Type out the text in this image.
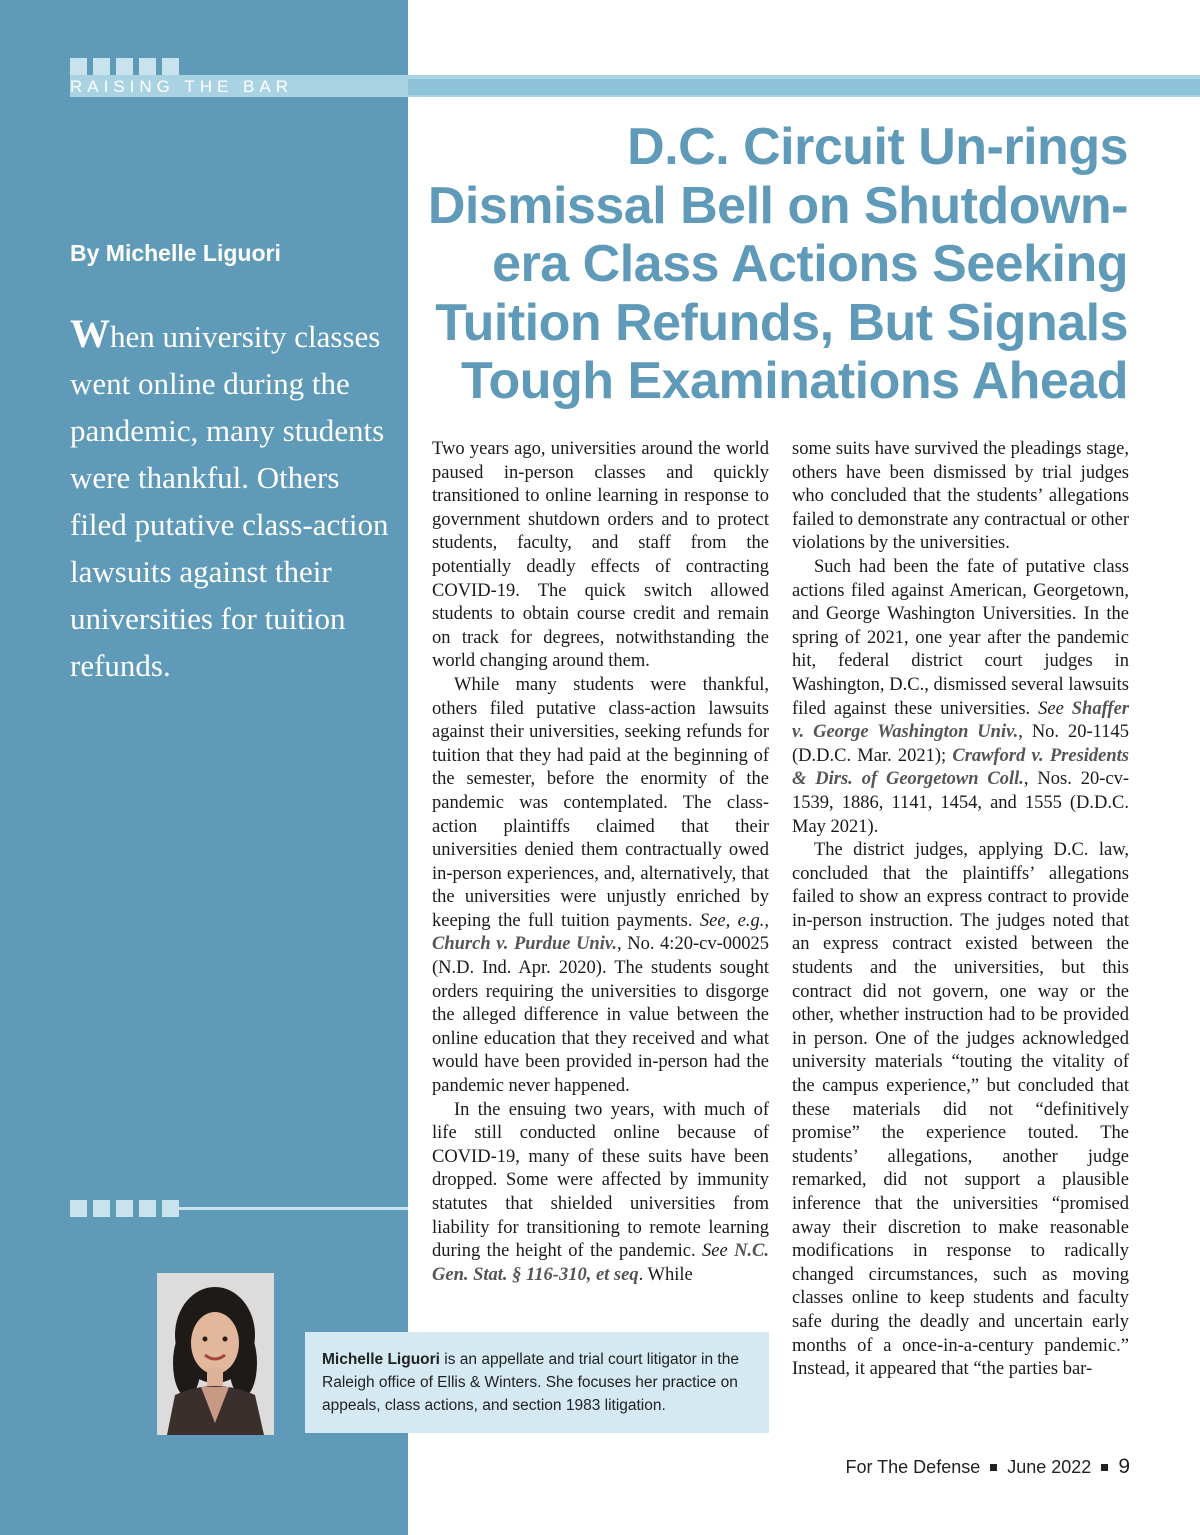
RAISING THE BAR
By Michelle Liguori
When university classes went online during the pandemic, many students were thankful. Others filed putative class-action lawsuits against their universities for tuition refunds.
D.C. Circuit Un-rings Dismissal Bell on Shutdown-era Class Actions Seeking Tuition Refunds, But Signals Tough Examinations Ahead

Two years ago, universities around the world paused in-person classes and quickly transitioned to online learning in response to government shutdown orders and to protect students, faculty, and staff from the potentially deadly effects of contracting COVID-19. The quick switch allowed students to obtain course credit and remain on track for degrees, notwithstanding the world changing around them.

While many students were thankful, others filed putative class-action lawsuits against their universities, seeking refunds for tuition that they had paid at the beginning of the semester, before the enormity of the pandemic was contemplated. The class-action plaintiffs claimed that their universities denied them contractually owed in-person experiences, and, alternatively, that the universities were unjustly enriched by keeping the full tuition payments. See, e.g., Church v. Purdue Univ., No. 4:20-cv-00025 (N.D. Ind. Apr. 2020). The students sought orders requiring the universities to disgorge the alleged difference in value between the online education that they received and what would have been provided in-person had the pandemic never happened.

In the ensuing two years, with much of life still conducted online because of COVID-19, many of these suits have been dropped. Some were affected by immunity statutes that shielded universities from liability for transitioning to remote learning during the height of the pandemic. See N.C. Gen. Stat. § 116-310, et seq. While

some suits have survived the pleadings stage, others have been dismissed by trial judges who concluded that the students’ allegations failed to demonstrate any contractual or other violations by the universities.

Such had been the fate of putative class actions filed against American, Georgetown, and George Washington Universities. In the spring of 2021, one year after the pandemic hit, federal district court judges in Washington, D.C., dismissed several lawsuits filed against these universities. See Shaffer v. George Washington Univ., No. 20-1145 (D.D.C. Mar. 2021); Crawford v. Presidents & Dirs. of Georgetown Coll., Nos. 20-cv-1539, 1886, 1141, 1454, and 1555 (D.D.C. May 2021).

The district judges, applying D.C. law, concluded that the plaintiffs’ allegations failed to show an express contract to provide in-person instruction. The judges noted that an express contract existed between the students and the universities, but this contract did not govern, one way or the other, whether instruction had to be provided in person. One of the judges acknowledged university materials “touting the vitality of the campus experience,” but concluded that these materials did not “definitively promise” the experience touted. The students’ allegations, another judge remarked, did not support a plausible inference that the universities “promised away their discretion to make reasonable modifications in response to radically changed circumstances, such as moving classes online to keep students and faculty safe during the deadly and uncertain early months of a once-in-a-century pandemic.” Instead, it appeared that “the parties bar-

Michelle Liguori is an appellate and trial court litigator in the Raleigh office of Ellis & Winters. She focuses her practice on appeals, class actions, and section 1983 litigation.
For The Defense June 2022 9
